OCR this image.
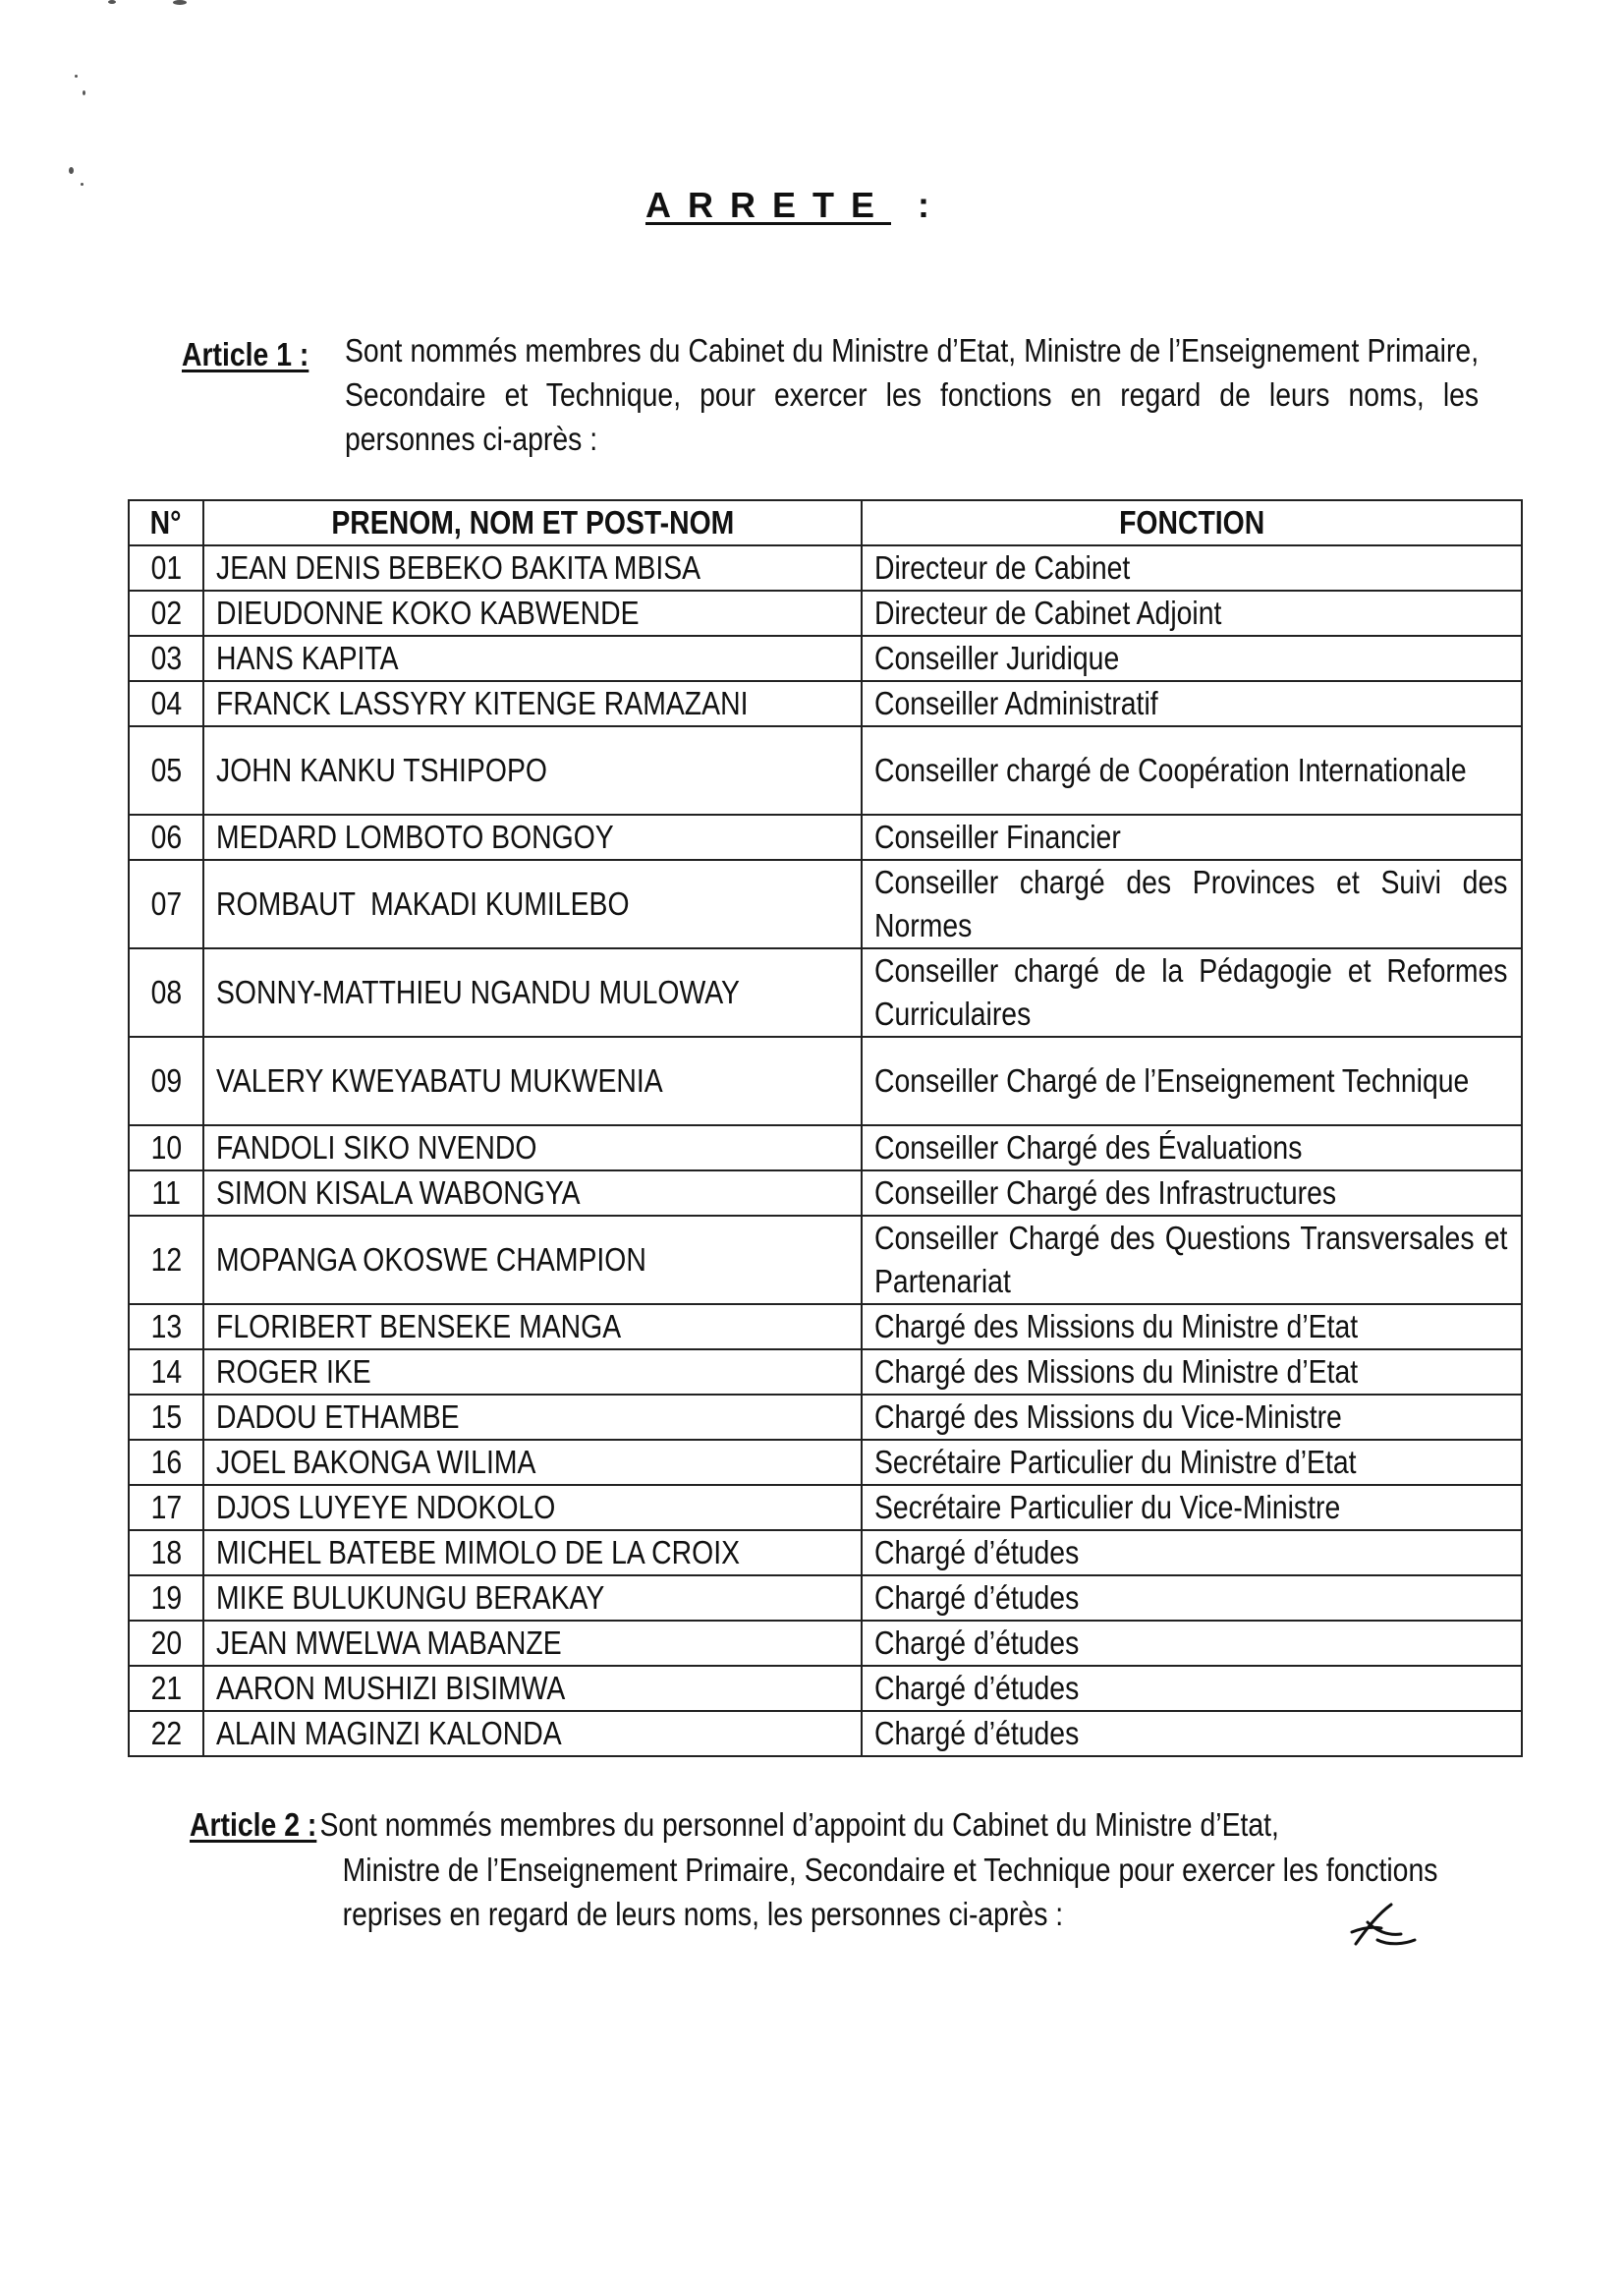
ARRETE :
Article 1 : Sont nommés membres du Cabinet du Ministre d’Etat, Ministre de l’Enseignement Primaire, Secondaire et Technique, pour exercer les fonctions en regard de leurs noms, les personnes ci-après :
N°	PRENOM, NOM ET POST-NOM	FONCTION
01	JEAN DENIS BEBEKO BAKITA MBISA	Directeur de Cabinet
02	DIEUDONNE KOKO KABWENDE	Directeur de Cabinet Adjoint
03	HANS KAPITA	Conseiller Juridique
04	FRANCK LASSYRY KITENGE RAMAZANI	Conseiller Administratif
05	JOHN KANKU TSHIPOPO	Conseiller chargé de Coopération Internationale

06	MEDARD LOMBOTO BONGOY	Conseiller Financier
07	ROMBAUT  MAKADI KUMILEBO	Conseiller chargé des Provinces et Suivi des Normes

08	SONNY-MATTHIEU NGANDU MULOWAY	Conseiller chargé de la Pédagogie et Reformes Curriculaires

09	VALERY KWEYABATU MUKWENIA	Conseiller Chargé de l’Enseignement Technique

10	FANDOLI SIKO NVENDO	Conseiller Chargé des Évaluations
11	SIMON KISALA WABONGYA	Conseiller Chargé des Infrastructures
12	MOPANGA OKOSWE CHAMPION	Conseiller Chargé des Questions Transversales et Partenariat

13	FLORIBERT BENSEKE MANGA	Chargé des Missions du Ministre d’Etat
14	ROGER IKE	Chargé des Missions du Ministre d’Etat
15	DADOU ETHAMBE	Chargé des Missions du Vice-Ministre
16	JOEL BAKONGA WILIMA	Secrétaire Particulier du Ministre d’Etat
17	DJOS LUYEYE NDOKOLO	Secrétaire Particulier du Vice-Ministre
18	MICHEL BATEBE MIMOLO DE LA CROIX	Chargé d’études
19	MIKE BULUKUNGU BERAKAY	Chargé d’études
20	JEAN MWELWA MABANZE	Chargé d’études
21	AARON MUSHIZI BISIMWA	Chargé d’études
22	ALAIN MAGINZI KALONDA	Chargé d’études
Article 2 : Sont nommés membres du personnel d’appoint du Cabinet du Ministre d’Etat,
Ministre de l’Enseignement Primaire, Secondaire et Technique pour exercer les fonctions reprises en regard de leurs noms, les personnes ci-après :
